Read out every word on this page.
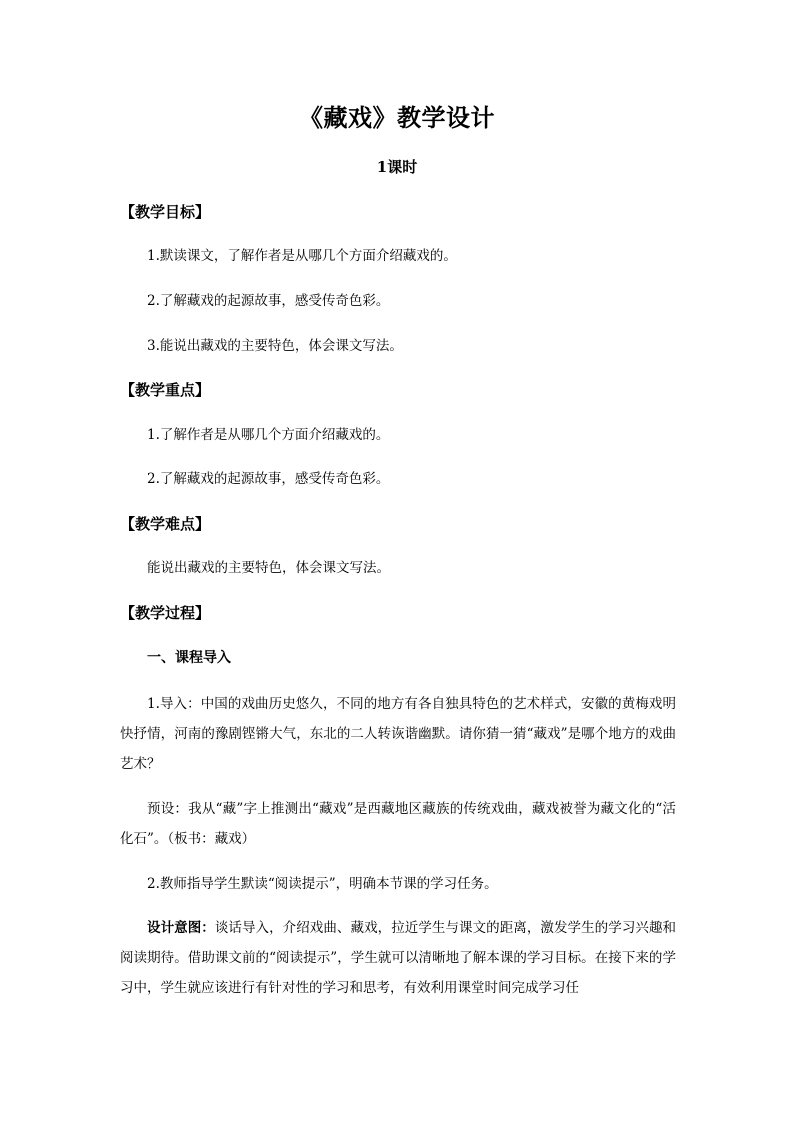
《藏戏》教学设计
1课时
【教学目标】
1.默读课文，了解作者是从哪几个方面介绍藏戏的。
2.了解藏戏的起源故事，感受传奇色彩。
3.能说出藏戏的主要特色，体会课文写法。
【教学重点】
1.了解作者是从哪几个方面介绍藏戏的。
2.了解藏戏的起源故事，感受传奇色彩。
【教学难点】
能说出藏戏的主要特色，体会课文写法。
【教学过程】
一、课程导入
1.导入：中国的戏曲历史悠久，不同的地方有各自独具特色的艺术样式，安徽的黄梅戏明快抒情，河南的豫剧铿锵大气，东北的二人转诙谐幽默。请你猜一猜“藏戏”是哪个地方的戏曲艺术？
预设：我从“藏”字上推测出“藏戏”是西藏地区藏族的传统戏曲，藏戏被誉为藏文化的“活化石”。（板书：藏戏）
2.教师指导学生默读“阅读提示”，明确本节课的学习任务。
设计意图：谈话导入，介绍戏曲、藏戏，拉近学生与课文的距离，激发学生的学习兴趣和阅读期待。借助课文前的“阅读提示”，学生就可以清晰地了解本课的学习目标。在接下来的学习中，学生就应该进行有针对性的学习和思考，有效利用课堂时间完成学习任
